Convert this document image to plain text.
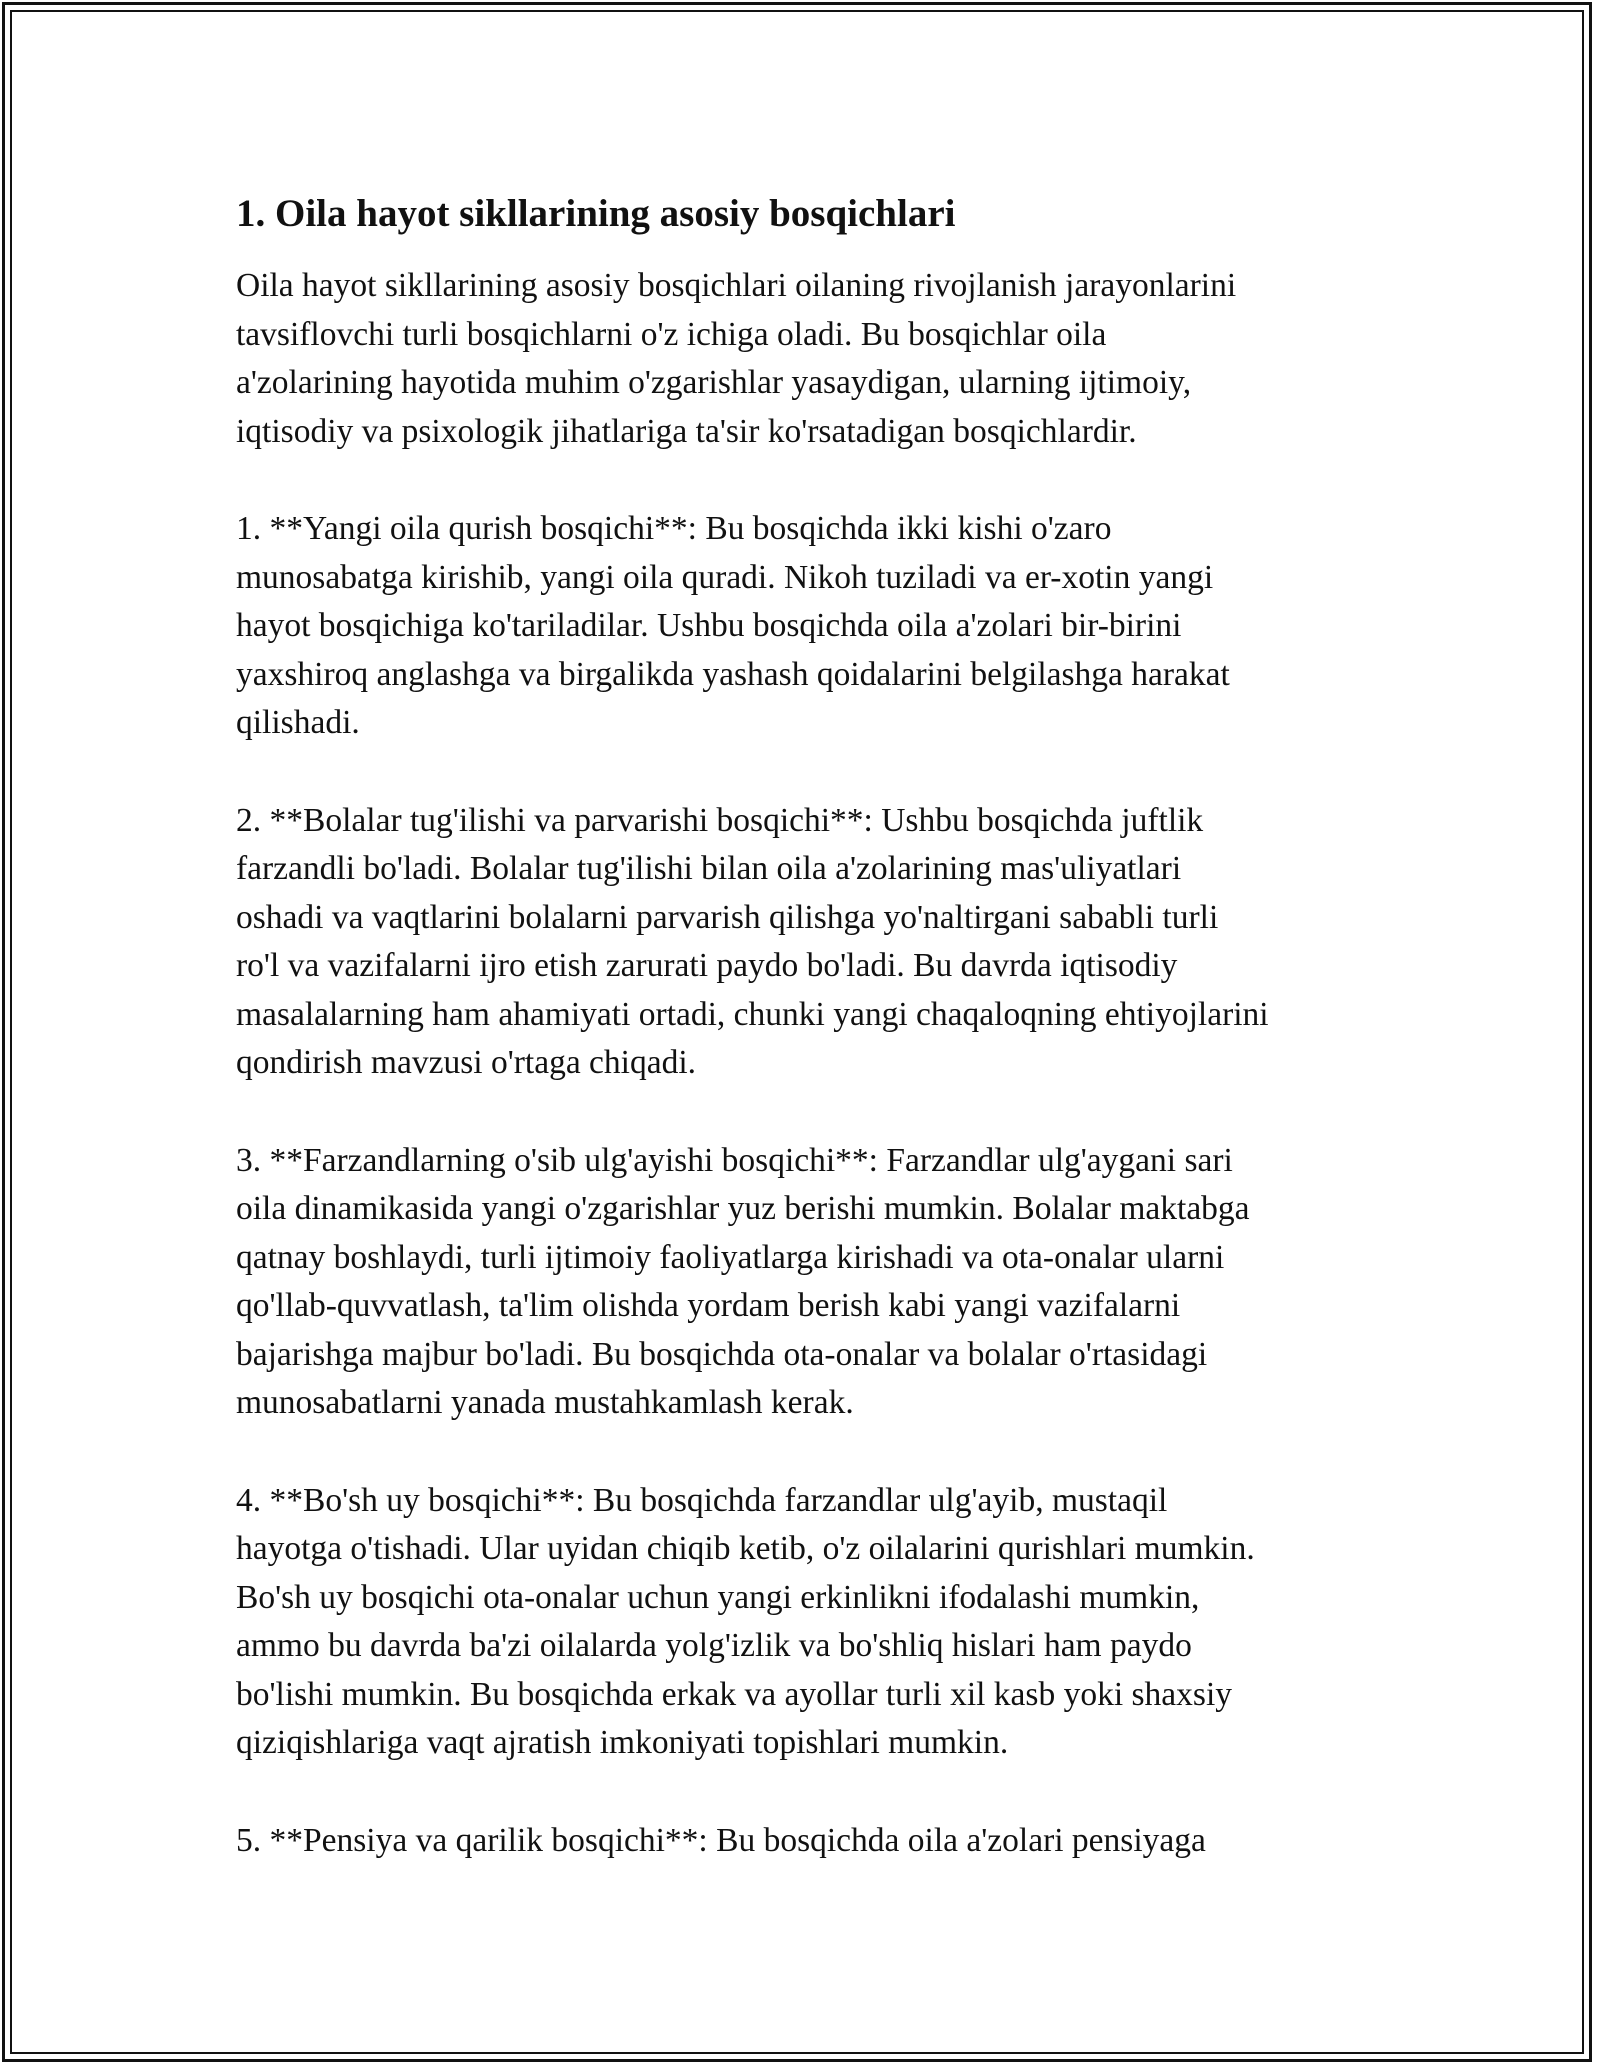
1. Oila hayot sikllarining asosiy bosqichlari

Oila hayot sikllarining asosiy bosqichlari oilaning rivojlanish jarayonlarini
tavsiflovchi turli bosqichlarni o'z ichiga oladi. Bu bosqichlar oila
a'zolarining hayotida muhim o'zgarishlar yasaydigan, ularning ijtimoiy,
iqtisodiy va psixologik jihatlariga ta'sir ko'rsatadigan bosqichlardir.

1. **Yangi oila qurish bosqichi**: Bu bosqichda ikki kishi o'zaro
munosabatga kirishib, yangi oila quradi. Nikoh tuziladi va er-xotin yangi
hayot bosqichiga ko'tariladilar. Ushbu bosqichda oila a'zolari bir-birini
yaxshiroq anglashga va birgalikda yashash qoidalarini belgilashga harakat
qilishadi.

2. **Bolalar tug'ilishi va parvarishi bosqichi**: Ushbu bosqichda juftlik
farzandli bo'ladi. Bolalar tug'ilishi bilan oila a'zolarining mas'uliyatlari
oshadi va vaqtlarini bolalarni parvarish qilishga yo'naltirgani sababli turli
ro'l va vazifalarni ijro etish zarurati paydo bo'ladi. Bu davrda iqtisodiy
masalalarning ham ahamiyati ortadi, chunki yangi chaqaloqning ehtiyojlarini
qondirish mavzusi o'rtaga chiqadi.

3. **Farzandlarning o'sib ulg'ayishi bosqichi**: Farzandlar ulg'aygani sari
oila dinamikasida yangi o'zgarishlar yuz berishi mumkin. Bolalar maktabga
qatnay boshlaydi, turli ijtimoiy faoliyatlarga kirishadi va ota-onalar ularni
qo'llab-quvvatlash, ta'lim olishda yordam berish kabi yangi vazifalarni
bajarishga majbur bo'ladi. Bu bosqichda ota-onalar va bolalar o'rtasidagi
munosabatlarni yanada mustahkamlash kerak.

4. **Bo'sh uy bosqichi**: Bu bosqichda farzandlar ulg'ayib, mustaqil
hayotga o'tishadi. Ular uyidan chiqib ketib, o'z oilalarini qurishlari mumkin.
Bo'sh uy bosqichi ota-onalar uchun yangi erkinlikni ifodalashi mumkin,
ammo bu davrda ba'zi oilalarda yolg'izlik va bo'shliq hislari ham paydo
bo'lishi mumkin. Bu bosqichda erkak va ayollar turli xil kasb yoki shaxsiy
qiziqishlariga vaqt ajratish imkoniyati topishlari mumkin.

5. **Pensiya va qarilik bosqichi**: Bu bosqichda oila a'zolari pensiyaga
